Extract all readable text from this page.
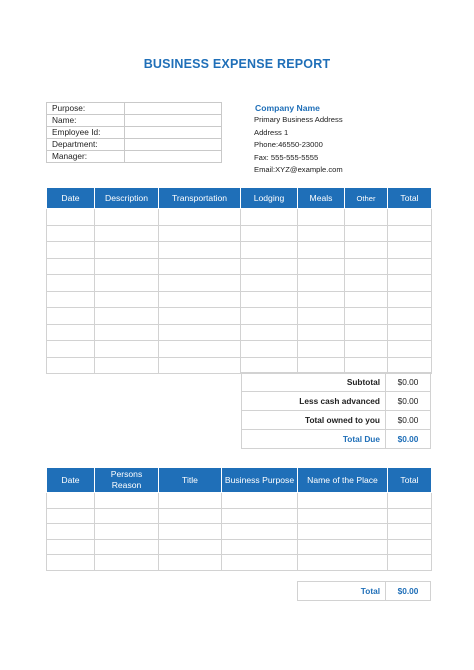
BUSINESS EXPENSE REPORT
Purpose:	
Name:	
Employee Id:	
Department:	
Manager:	
Company Name
Primary Business Address
Address 1
Phone:46550-23000
Fax: 555-555-5555
Email:XYZ@example.com
Date	Description	Transportation	Lodging	Meals	Other	Total

Subtotal	$0.00
Less cash advanced	$0.00
Total owned to you	$0.00
Total Due	$0.00
Date	Persons Reason	Title	Business Purpose	Name of the Place	Total

Total	$0.00
